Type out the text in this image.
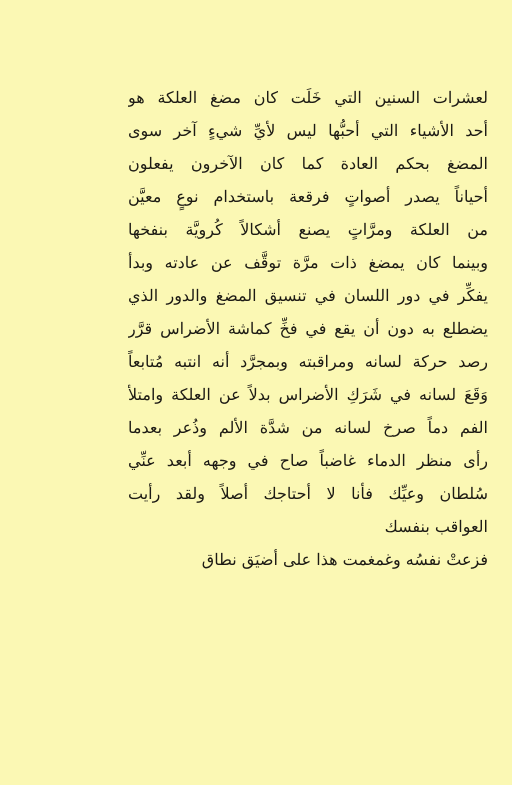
لعشرات السنين التي خَلَت كان مضغ العلكة هو
أحد الأشياء التي أحبُّها ليس لأيِّ شيءٍ آخر سوى
المضغ بحكم العادة كما كان الآخرون يفعلون
أحياناً يصدر أصواتٍ فرقعة باستخدام نوعٍ معيَّن
من العلكة ومرَّاتٍ يصنع أشكالاً كُرويَّة بنفخها
وبينما كان يمضغ ذات مرَّة توقَّف عن عادته وبدأ
يفكِّر في دور اللسان في تنسيق المضغ والدور الذي
يضطلع به دون أن يقع في فخِّ كماشة الأضراس قرَّر
رصد حركة لسانه ومراقبته وبمجرَّد أنه انتبه مُتابعاً
وَقَعَ لسانه في شَرَكِ الأضراس بدلاً عن العلكة وامتلأ
الفم دماً صرخ لسانه من شدَّة الألم وذُعر بعدما
رأى منظر الدماء غاضباً صاح في وجهه أبعد عنِّي
سُلطان وعيِّك فأنا لا أحتاجك أصلاً ولقد رأيت
العواقب بنفسك
فزعتْ نفسُه وغمغمت هذا على أضيَق نطاق
